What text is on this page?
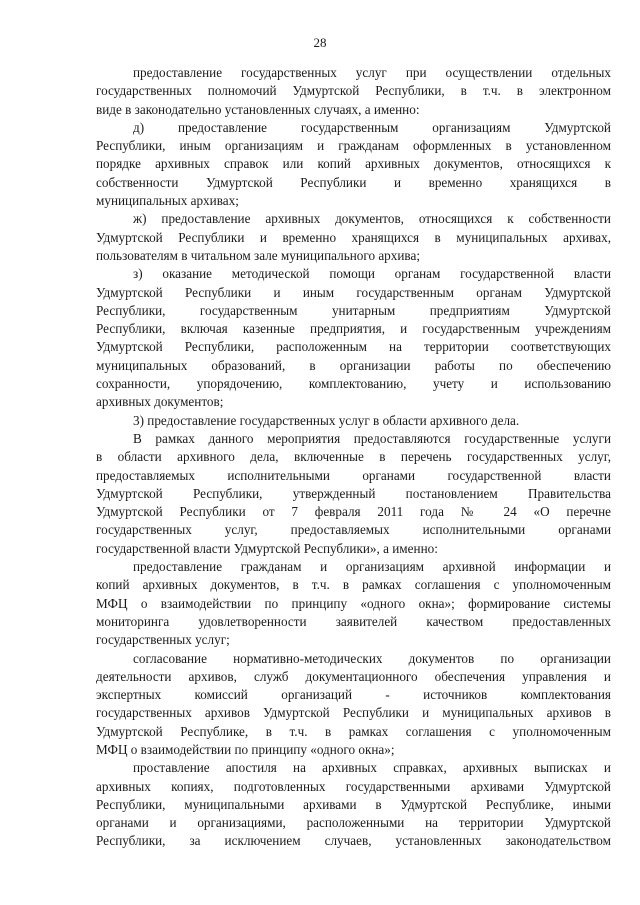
28
предоставление государственных услуг при осуществлении отдельных
государственных полномочий Удмуртской Республики, в т.ч. в электронном
виде в законодательно установленных случаях, а именно:
д) предоставление государственным организациям Удмуртской
Республики, иным организациям и гражданам оформленных в установленном
порядке архивных справок или копий архивных документов, относящихся к
собственности Удмуртской Республики и временно хранящихся в
муниципальных архивах;
ж) предоставление архивных документов, относящихся к собственности
Удмуртской Республики и временно хранящихся в муниципальных архивах,
пользователям в читальном зале муниципального архива;
з) оказание методической помощи органам государственной власти
Удмуртской Республики и иным государственным органам Удмуртской
Республики, государственным унитарным предприятиям Удмуртской
Республики, включая казенные предприятия, и государственным учреждениям
Удмуртской Республики, расположенным на территории соответствующих
муниципальных образований, в организации работы по обеспечению
сохранности, упорядочению, комплектованию, учету и использованию
архивных документов;
3) предоставление государственных услуг в области архивного дела.
В рамках данного мероприятия предоставляются государственные услуги
в области архивного дела, включенные в перечень государственных услуг,
предоставляемых исполнительными органами государственной власти
Удмуртской Республики, утвержденный постановлением Правительства
Удмуртской Республики от 7 февраля 2011 года № 24 «О перечне
государственных услуг, предоставляемых исполнительными органами
государственной власти Удмуртской Республики», а именно:
предоставление гражданам и организациям архивной информации и
копий архивных документов, в т.ч. в рамках соглашения с уполномоченным
МФЦ о взаимодействии по принципу «одного окна»; формирование системы
мониторинга удовлетворенности заявителей качеством предоставленных
государственных услуг;
согласование нормативно-методических документов по организации
деятельности архивов, служб документационного обеспечения управления и
экспертных комиссий организаций - источников комплектования
государственных архивов Удмуртской Республики и муниципальных архивов в
Удмуртской Республике, в т.ч. в рамках соглашения с уполномоченным
МФЦ о взаимодействии по принципу «одного окна»;
проставление апостиля на архивных справках, архивных выписках и
архивных копиях, подготовленных государственными архивами Удмуртской
Республики, муниципальными архивами в Удмуртской Республике, иными
органами и организациями, расположенными на территории Удмуртской
Республики, за исключением случаев, установленных законодательством
